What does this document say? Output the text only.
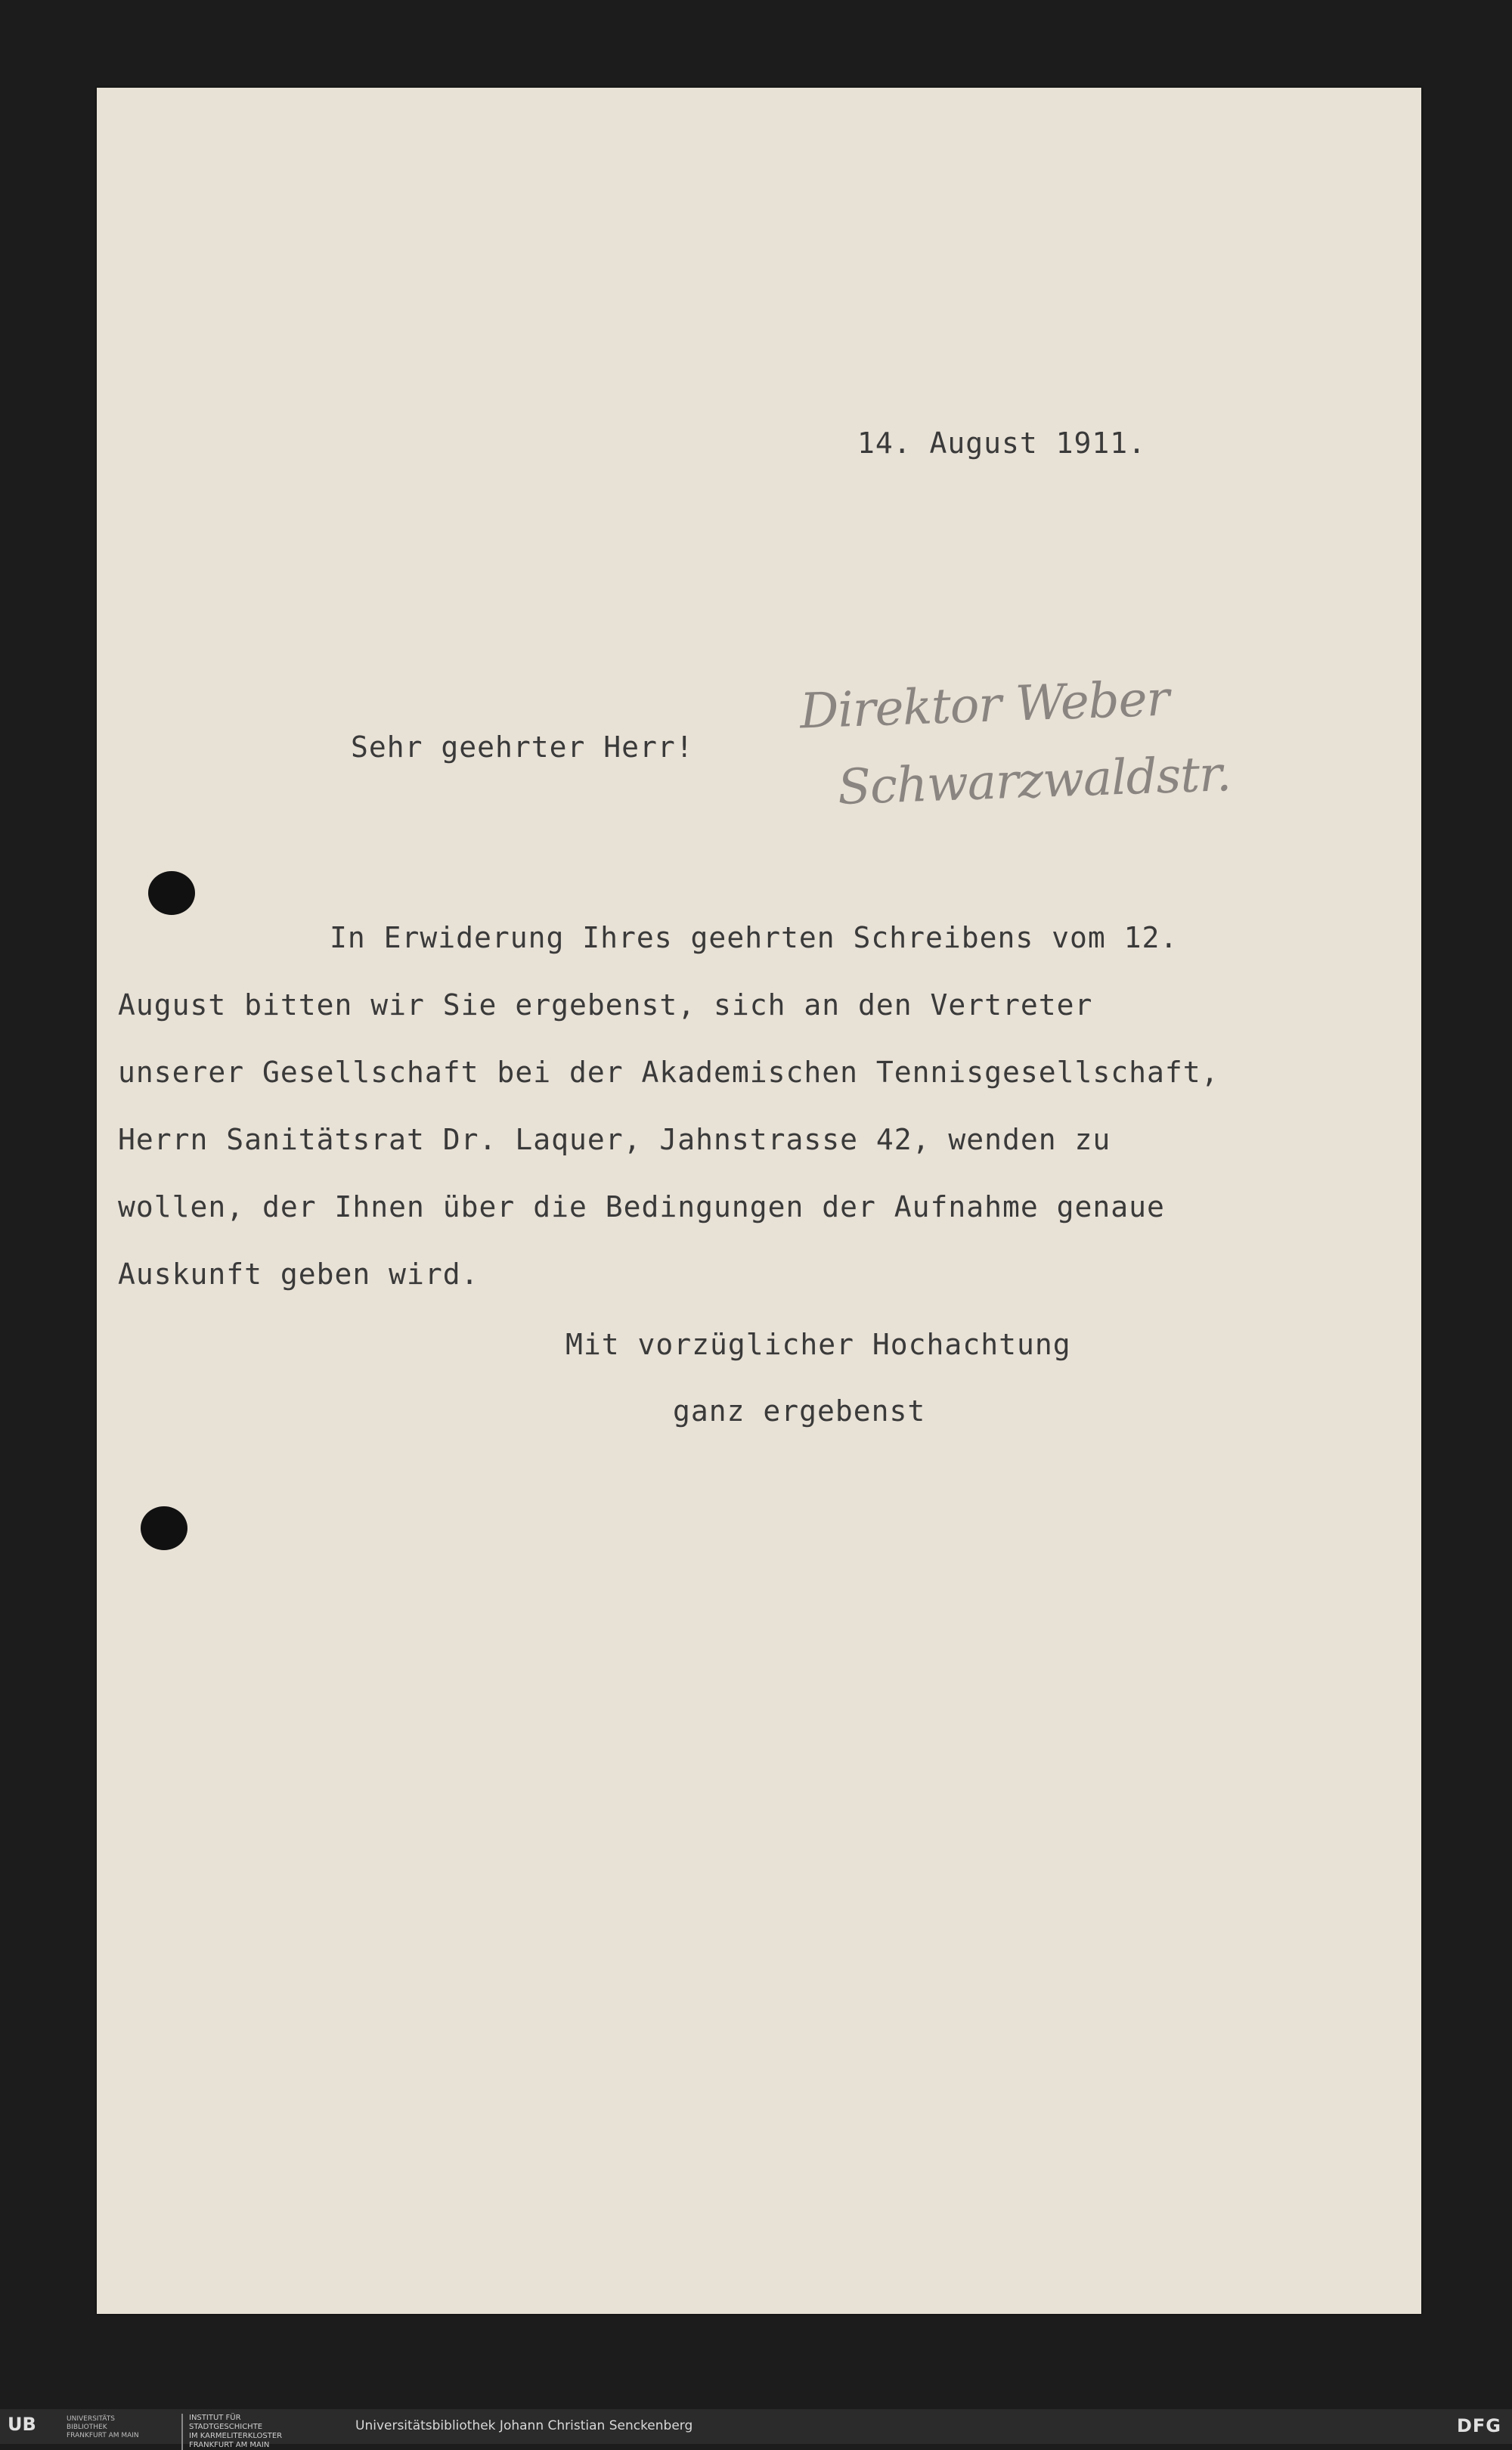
14. August 1911.
Sehr geehrter Herr!
Direktor Weber
Schwarzwaldstr.
In Erwiderung Ihres geehrten Schreibens vom 12.
August bitten wir Sie ergebenst, sich an den Vertreter
unserer Gesellschaft bei der Akademischen Tennisgesellschaft,
Herrn Sanitätsrat Dr. Laquer, Jahnstrasse 42, wenden zu
wollen, der Ihnen über die Bedingungen der Aufnahme genaue
Auskunft geben wird.
Mit vorzüglicher Hochachtung
ganz ergebenst
UB	UNIVERSITÄTS
BIBLIOTHEK
FRANKFURT AM MAIN
INSTITUT FÜR
STADTGESCHICHTE
IM KARMELITERKLOSTER
FRANKFURT AM MAIN
Universitätsbibliothek Johann Christian Senckenberg	DFG
